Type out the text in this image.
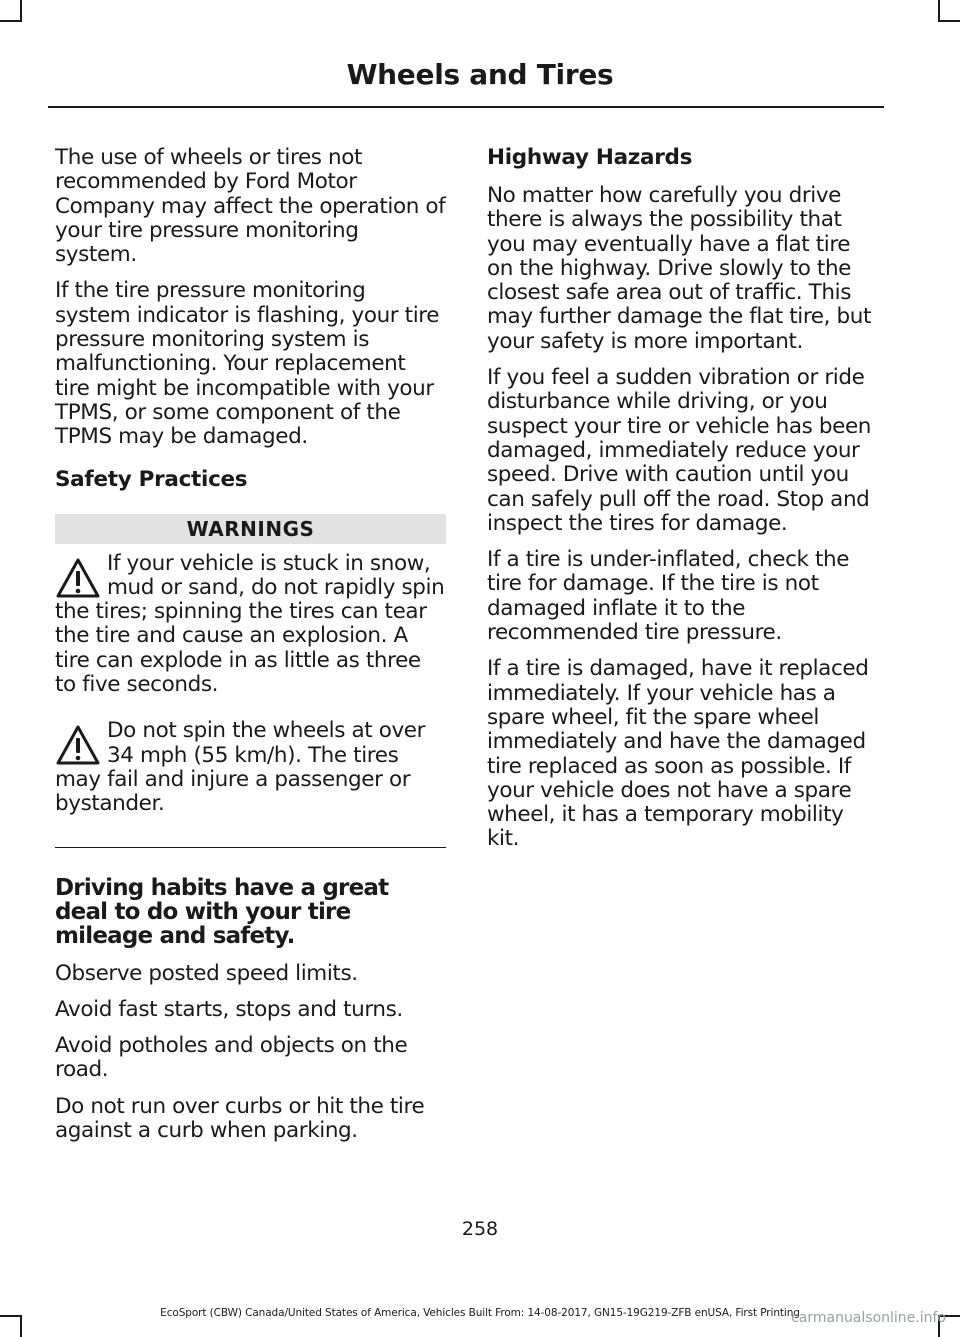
Wheels and Tires

The use of wheels or tires not recommended by Ford Motor Company may affect the operation of your tire pressure monitoring system.

If the tire pressure monitoring system indicator is flashing, your tire pressure monitoring system is malfunctioning. Your replacement tire might be incompatible with your TPMS, or some component of the TPMS may be damaged.

Safety Practices
WARNINGS
If your vehicle is stuck in snow, mud or sand, do not rapidly spin the tires; spinning the tires can tear the tire and cause an explosion. A tire can explode in as little as three to five seconds.
Do not spin the wheels at over 34 mph (55 km/h). The tires may fail and injure a passenger or bystander.
Driving habits have a great deal to do with your tire mileage and safety.

Observe posted speed limits.

Avoid fast starts, stops and turns.

Avoid potholes and objects on the road.

Do not run over curbs or hit the tire against a curb when parking.

Highway Hazards

No matter how carefully you drive there is always the possibility that you may eventually have a flat tire on the highway. Drive slowly to the closest safe area out of traffic. This may further damage the flat tire, but your safety is more important.

If you feel a sudden vibration or ride disturbance while driving, or you suspect your tire or vehicle has been damaged, immediately reduce your speed. Drive with caution until you can safely pull off the road. Stop and inspect the tires for damage.

If a tire is under-inflated, check the tire for damage. If the tire is not damaged inflate it to the recommended tire pressure.

If a tire is damaged, have it replaced immediately. If your vehicle has a spare wheel, fit the spare wheel immediately and have the damaged tire replaced as soon as possible. If your vehicle does not have a spare wheel, it has a temporary mobility kit.

258
EcoSport (CBW) Canada/United States of America, Vehicles Built From: 14-08-2017, GN15-19G219-ZFB enUSA, First Printing
carmanualsonline.info
